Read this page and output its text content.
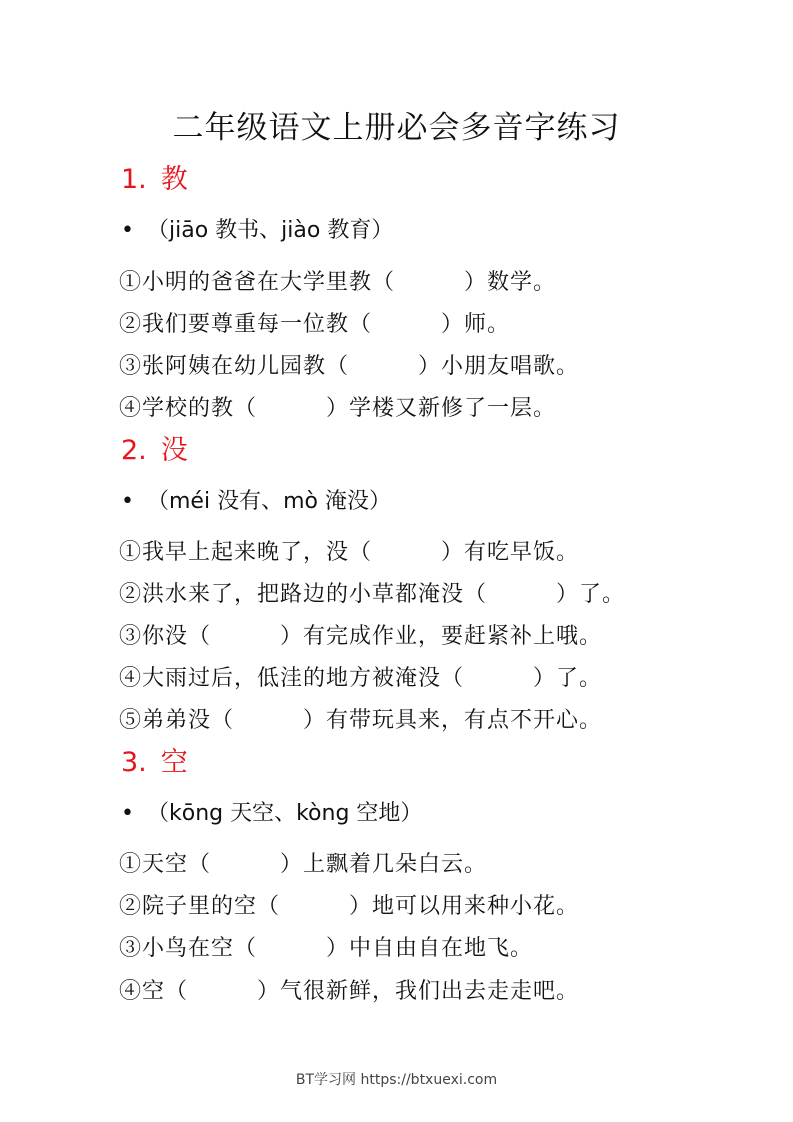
二年级语文上册必会多音字练习
1. 教
• （jiāo 教书、jiào 教育）
①小明的爸爸在大学里教（　　　）数学。
②我们要尊重每一位教（　　　）师。
③张阿姨在幼儿园教（　　　）小朋友唱歌。
④学校的教（　　　）学楼又新修了一层。
2. 没
• （méi 没有、mò 淹没）
①我早上起来晚了，没（　　　）有吃早饭。
②洪水来了，把路边的小草都淹没（　　　）了。
③你没（　　　）有完成作业，要赶紧补上哦。
④大雨过后，低洼的地方被淹没（　　　）了。
⑤弟弟没（　　　）有带玩具来，有点不开心。
3. 空
• （kōng 天空、kòng 空地）
①天空（　　　）上飘着几朵白云。
②院子里的空（　　　）地可以用来种小花。
③小鸟在空（　　　）中自由自在地飞。
④空（　　　）气很新鲜，我们出去走走吧。
BT学习网 https://btxuexi.com
